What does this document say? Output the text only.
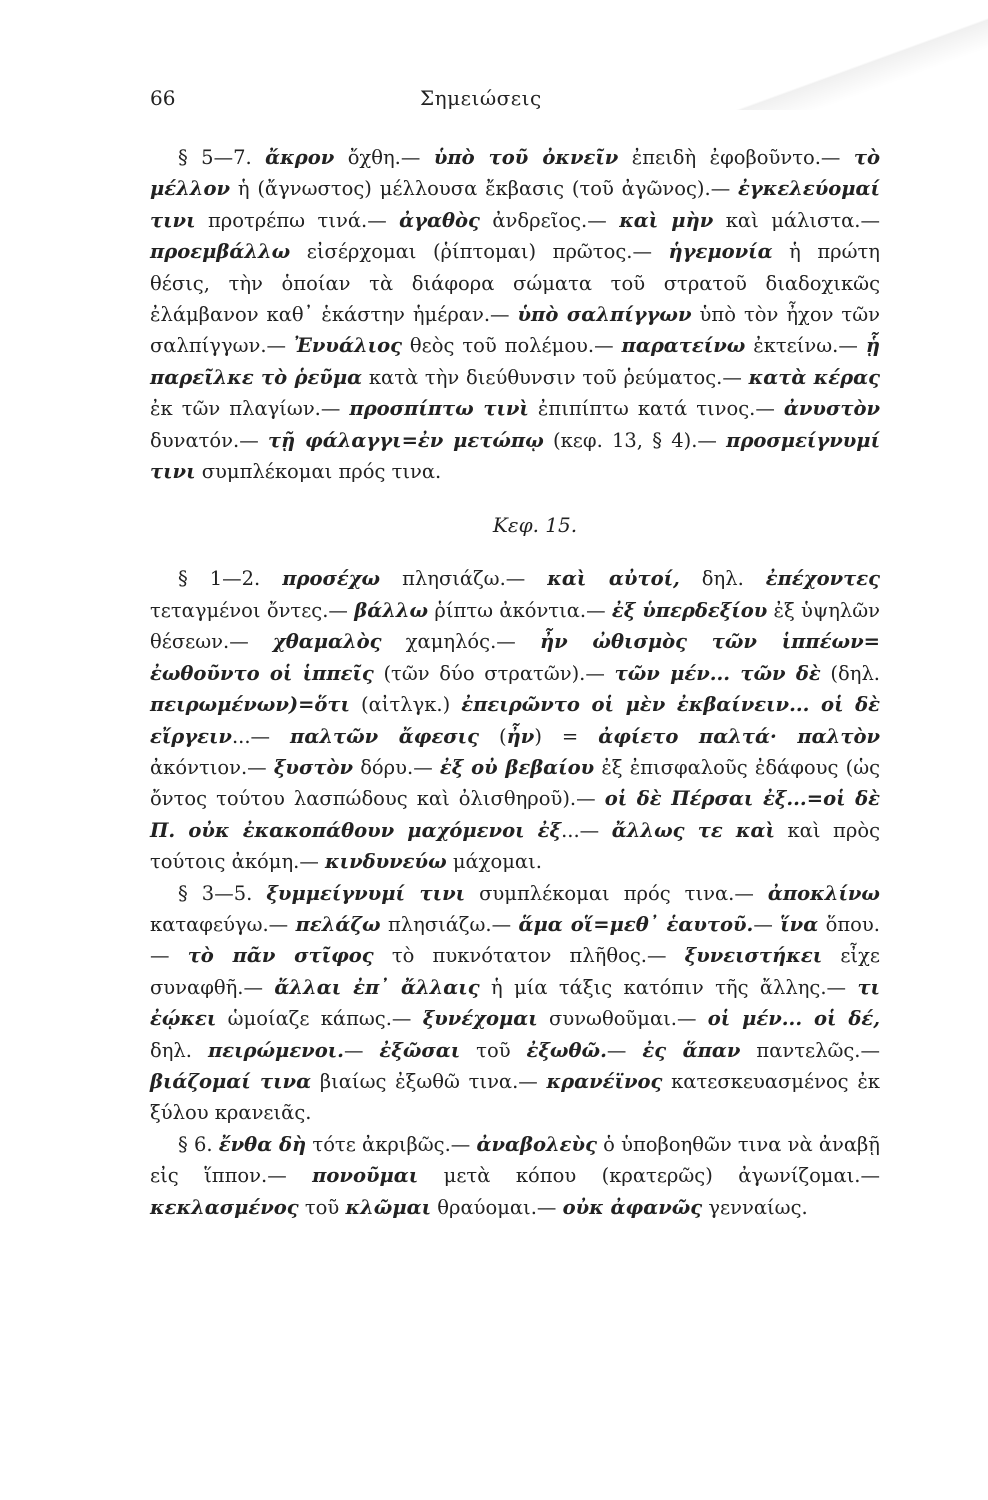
66	Σημειώσεις

§ 5—7. ἄκρον ὄχθη.— ὑπὸ τοῦ ὀκνεῖν ἐπειδὴ ἐφοβοῦντο.— τὸ μέλλον ἡ (ἄγνωστος) μέλλουσα ἔκβασις (τοῦ ἀγῶνος).— ἐγκελεύομαί τινι προτρέπω τινά.— ἀγαθὸς ἀνδρεῖος.— καὶ μὴν καὶ μάλιστα.— προεμβάλλω εἰσέρχομαι (ῥίπτομαι) πρῶτος.— ἡγεμονία ἡ πρώτη θέσις, τὴν ὁποίαν τὰ διάφορα σώματα τοῦ στρατοῦ διαδοχικῶς ἐλάμβανον καθ᾽ ἑκάστην ἡμέραν.— ὑπὸ σαλπίγγων ὑπὸ τὸν ἦχον τῶν σαλπίγγων.— Ἐνυάλιος θεὸς τοῦ πολέμου.— παρατείνω ἐκτείνω.— ᾗ παρεῖλκε τὸ ῥεῦμα κατὰ τὴν διεύθυνσιν τοῦ ῥεύματος.— κατὰ κέρας ἐκ τῶν πλαγίων.— προσπίπτω τινὶ ἐπιπίπτω κατά τινος.— ἀνυστὸν δυνατόν.— τῇ φάλαγγι=ἐν μετώπῳ (κεφ. 13, § 4).— προσμείγνυμί τινι συμπλέκομαι πρός τινα.

Κεφ. 15.

§ 1—2. προσέχω πλησιάζω.— καὶ αὐτοί, δηλ. ἐπέχοντες τεταγμένοι ὄντες.— βάλλω ῥίπτω ἀκόντια.— ἐξ ὑπερδεξίου ἐξ ὑψηλῶν θέσεων.— χθαμαλὸς χαμηλός.— ἦν ὠθισμὸς τῶν ἱππέων= ἐωθοῦντο οἱ ἱππεῖς (τῶν δύο στρατῶν).— τῶν μέν... τῶν δὲ (δηλ. πειρωμένων)=ὅτι (αἰτλγκ.) ἐπειρῶντο οἱ μὲν ἐκβαίνειν... οἱ δὲ εἴργειν...— παλτῶν ἄφεσις (ἦν) = ἀφίετο παλτά· παλτὸν ἀκόντιον.— ξυστὸν δόρυ.— ἐξ οὐ βεβαίου ἐξ ἐπισφαλοῦς ἐδάφους (ὡς ὄντος τούτου λασπώδους καὶ ὀλισθηροῦ).— οἱ δὲ Πέρσαι ἐξ...=οἱ δὲ Π. οὐκ ἐκακοπάθουν μαχόμενοι ἐξ...— ἄλλως τε καὶ καὶ πρὸς τούτοις ἀκόμη.— κινδυνεύω μάχομαι.

§ 3—5. ξυμμείγνυμί τινι συμπλέκομαι πρός τινα.— ἀποκλίνω καταφεύγω.— πελάζω πλησιάζω.— ἅμα οἵ=μεθ᾽ ἑαυτοῦ.— ἵνα ὅπου.— τὸ πᾶν στῖφος τὸ πυκνότατον πλῆθος.— ξυνειστήκει εἶχε συναφθῆ.— ἄλλαι ἐπ᾽ ἄλλαις ἡ μία τάξις κατόπιν τῆς ἄλλης.— τι ἐῴκει ὡμοίαζε κάπως.— ξυνέχομαι συνωθοῦμαι.— οἱ μέν... οἱ δέ, δηλ. πειρώμενοι.— ἐξῶσαι τοῦ ἐξωθῶ.— ἐς ἅπαν παντελῶς.— βιάζομαί τινα βιαίως ἐξωθῶ τινα.— κρανέϊνος κατεσκευασμένος ἐκ ξύλου κρανειᾶς.

§ 6. ἔνθα δὴ τότε ἀκριβῶς.— ἀναβολεὺς ὁ ὑποβοηθῶν τινα νὰ ἀναβῇ εἰς ἵππον.— πονοῦμαι μετὰ κόπου (κρατερῶς) ἀγωνίζομαι.— κεκλασμένος τοῦ κλῶμαι θραύομαι.— οὐκ ἀφανῶς γενναίως.
